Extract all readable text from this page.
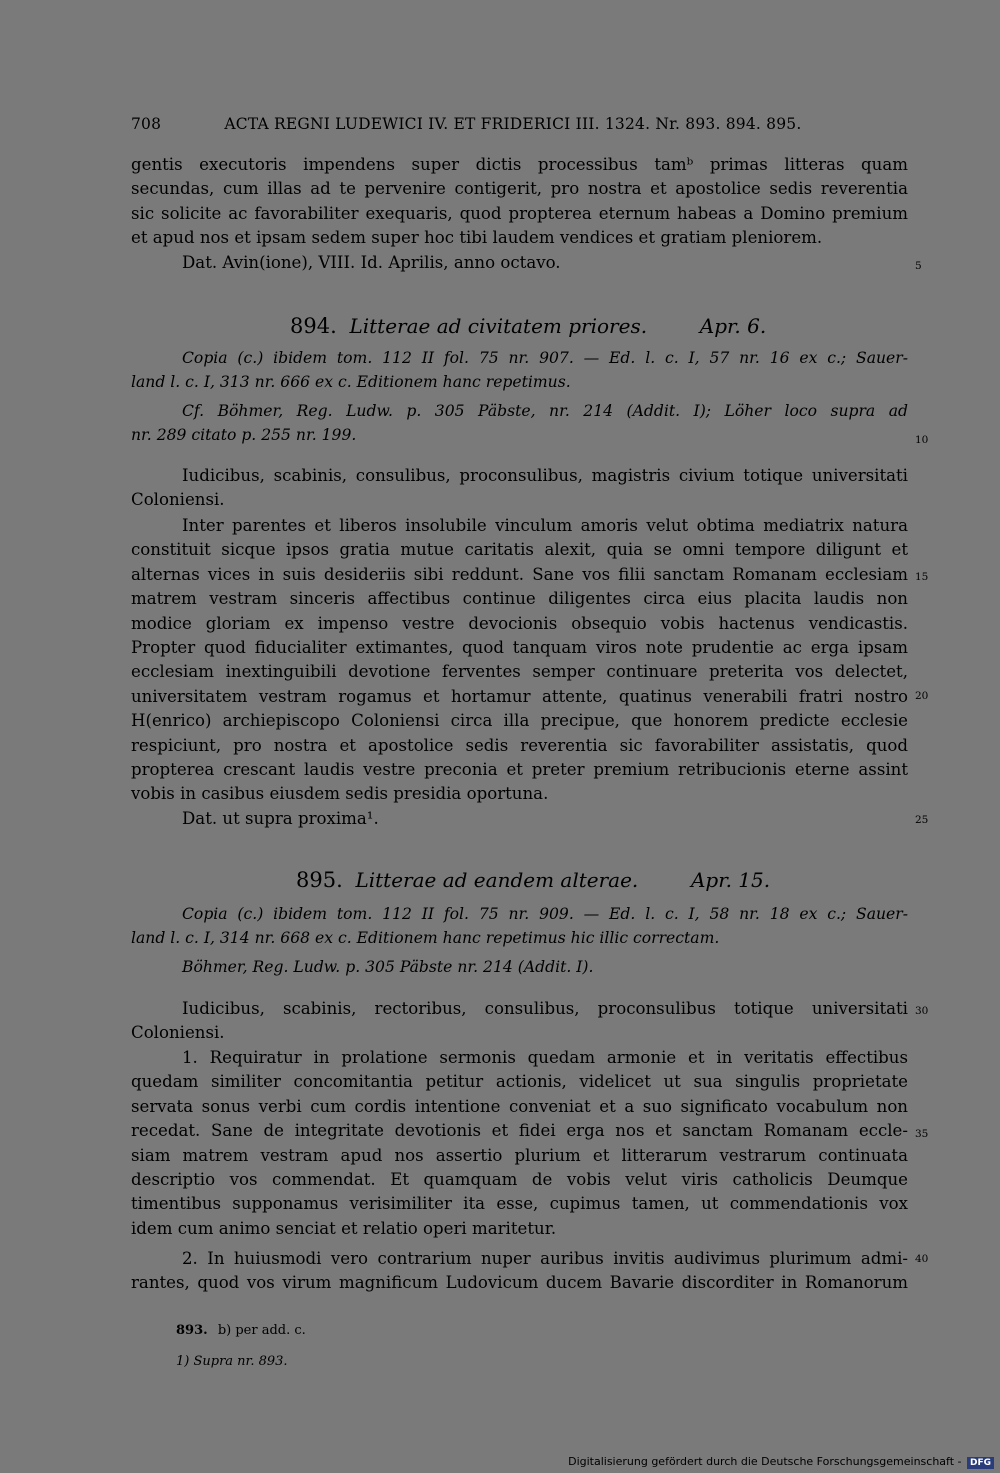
708	ACTA REGNI LUDEWICI IV. ET FRIDERICI III. 1324. Nr. 893. 894. 895.

gentis executoris impendens super dictis processibus tamᵇ primas litteras quam

secundas, cum illas ad te pervenire contigerit, pro nostra et apostolice sedis reverentia

sic solicite ac favorabiliter exequaris, quod propterea eternum habeas a Domino premium

et apud nos et ipsam sedem super hoc tibi laudem vendices et gratiam pleniorem.

Dat. Avin(ione), VIII. Id. Aprilis, anno octavo.	5
894. Litterae ad civitatem priores.	Apr. 6.

Copia (c.) ibidem tom. 112 II fol. 75 nr. 907. — Ed. l. c. I, 57 nr. 16 ex c.; Sauer-

land l. c. I, 313 nr. 666 ex c. Editionem hanc repetimus.

Cf. Böhmer, Reg. Ludw. p. 305 Päbste, nr. 214 (Addit. I); Löher loco supra ad

nr. 289 citato p. 255 nr. 199.	10

Iudicibus, scabinis, consulibus, proconsulibus, magistris civium totique universitati

Coloniensi.

Inter parentes et liberos insolubile vinculum amoris velut obtima mediatrix natura

constituit sicque ipsos gratia mutue caritatis alexit, quia se omni tempore diligunt et

alternas vices in suis desideriis sibi reddunt. Sane vos filii sanctam Romanam ecclesiam

matrem vestram sinceris affectibus continue diligentes circa eius placita laudis non

modice gloriam ex impenso vestre devocionis obsequio vobis hactenus vendicastis.

Propter quod fiducialiter extimantes, quod tanquam viros note prudentie ac erga ipsam

ecclesiam inextinguibili devotione ferventes semper continuare preterita vos delectet,

universitatem vestram rogamus et hortamur attente, quatinus venerabili fratri nostro

H(enrico) archiepiscopo Coloniensi circa illa precipue, que honorem predicte ecclesie

respiciunt, pro nostra et apostolice sedis reverentia sic favorabiliter assistatis, quod

propterea crescant laudis vestre preconia et preter premium retribucionis eterne assint

vobis in casibus eiusdem sedis presidia oportuna.

Dat. ut supra proxima¹.

15
20
25
895. Litterae ad eandem alterae.	Apr. 15.

Copia (c.) ibidem tom. 112 II fol. 75 nr. 909. — Ed. l. c. I, 58 nr. 18 ex c.; Sauer-

land l. c. I, 314 nr. 668 ex c. Editionem hanc repetimus hic illic correctam.

Böhmer, Reg. Ludw. p. 305 Päbste nr. 214 (Addit. I).

Iudicibus, scabinis, rectoribus, consulibus, proconsulibus totique universitati

Coloniensi.

30

1. Requiratur in prolatione sermonis quedam armonie et in veritatis effectibus

quedam similiter concomitantia petitur actionis, videlicet ut sua singulis proprietate

servata sonus verbi cum cordis intentione conveniat et a suo significato vocabulum non

recedat. Sane de integritate devotionis et fidei erga nos et sanctam Romanam eccle-

siam matrem vestram apud nos assertio plurium et litterarum vestrarum continuata

descriptio vos commendat. Et quamquam de vobis velut viris catholicis Deumque

timentibus supponamus verisimiliter ita esse, cupimus tamen, ut commendationis vox

idem cum animo senciat et relatio operi maritetur.

35

2. In huiusmodi vero contrarium nuper auribus invitis audivimus plurimum admi-

rantes, quod vos virum magnificum Ludovicum ducem Bavarie discorditer in Romanorum

40
893. b) per add. c.
1) Supra nr. 893.
Digitalisierung gefördert durch die Deutsche Forschungsgemeinschaft - DFG
